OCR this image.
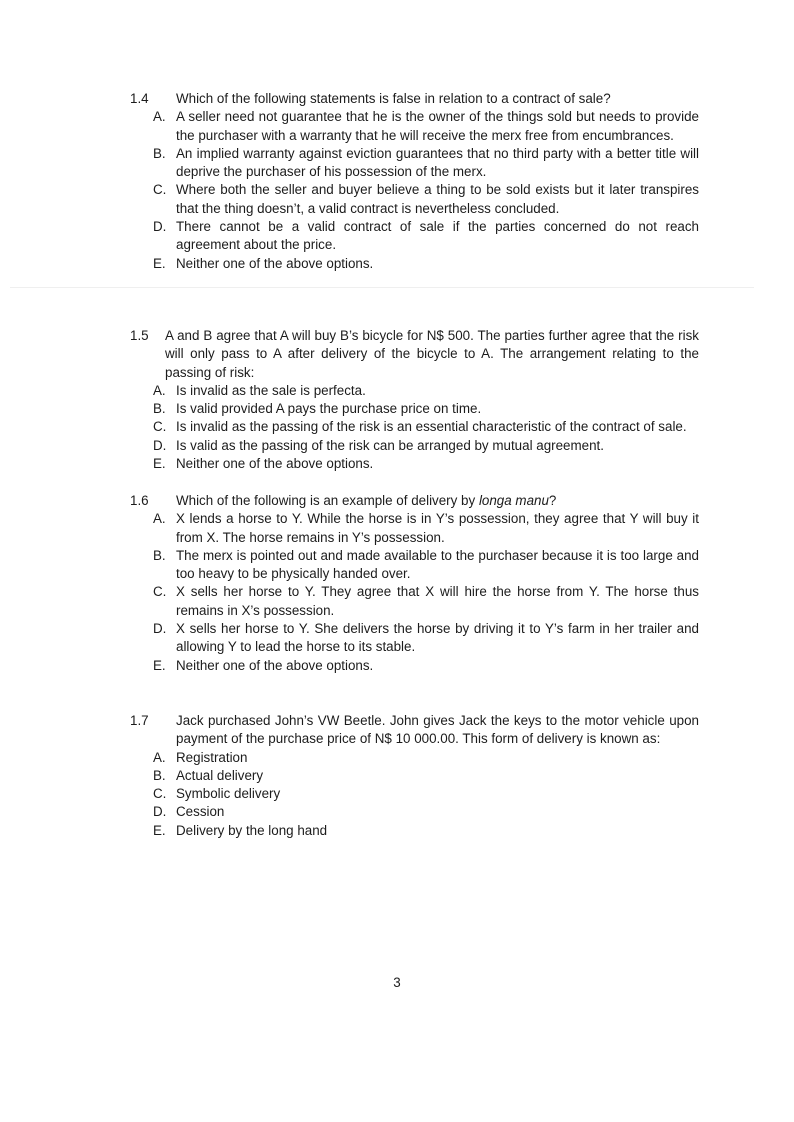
1.4	Which of the following statements is false in relation to a contract of sale?
A. A seller need not guarantee that he is the owner of the things sold but needs to provide the purchaser with a warranty that he will receive the merx free from encumbrances.
B. An implied warranty against eviction guarantees that no third party with a better title will deprive the purchaser of his possession of the merx.
C. Where both the seller and buyer believe a thing to be sold exists but it later transpires that the thing doesn’t, a valid contract is nevertheless concluded.
D. There cannot be a valid contract of sale if the parties concerned do not reach agreement about the price.
E. Neither one of the above options.
1.5	A and B agree that A will buy B’s bicycle for N$ 500. The parties further agree that the risk will only pass to A after delivery of the bicycle to A. The arrangement relating to the passing of risk:
A. Is invalid as the sale is perfecta.
B. Is valid provided A pays the purchase price on time.
C. Is invalid as the passing of the risk is an essential characteristic of the contract of sale.
D. Is valid as the passing of the risk can be arranged by mutual agreement.
E. Neither one of the above options.
1.6	Which of the following is an example of delivery by longa manu?
A. X lends a horse to Y. While the horse is in Y’s possession, they agree that Y will buy it from X. The horse remains in Y’s possession.
B. The merx is pointed out and made available to the purchaser because it is too large and too heavy to be physically handed over.
C. X sells her horse to Y. They agree that X will hire the horse from Y. The horse thus remains in X’s possession.
D. X sells her horse to Y. She delivers the horse by driving it to Y’s farm in her trailer and allowing Y to lead the horse to its stable.
E. Neither one of the above options.
1.7	Jack purchased John’s VW Beetle. John gives Jack the keys to the motor vehicle upon payment of the purchase price of N$ 10 000.00. This form of delivery is known as:
A. Registration
B. Actual delivery
C. Symbolic delivery
D. Cession
E. Delivery by the long hand
3
